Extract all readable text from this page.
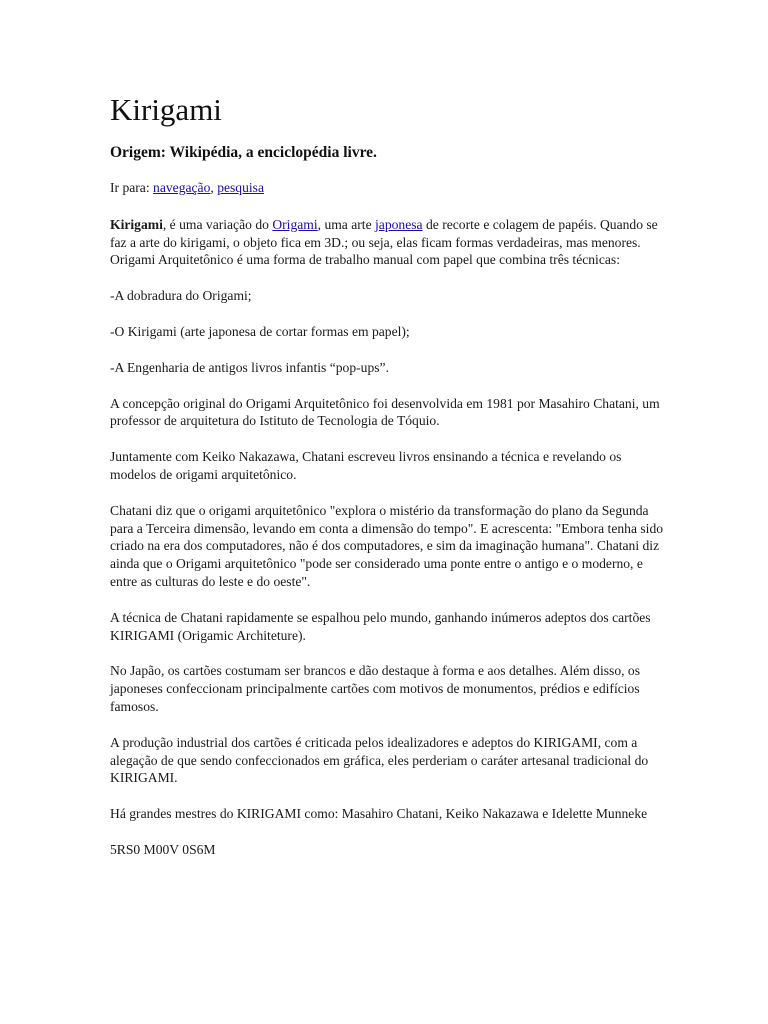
Kirigami
Origem: Wikipédia, a enciclopédia livre.

Ir para: navegação, pesquisa

Kirigami, é uma variação do Origami, uma arte japonesa de recorte e colagem de papéis. Quando se faz a arte do kirigami, o objeto fica em 3D.; ou seja, elas ficam formas verdadeiras, mas menores. Origami Arquitetônico é uma forma de trabalho manual com papel que combina três técnicas:

-A dobradura do Origami;

-O Kirigami (arte japonesa de cortar formas em papel);

-A Engenharia de antigos livros infantis “pop-ups”.

A concepção original do Origami Arquitetônico foi desenvolvida em 1981 por Masahiro Chatani, um professor de arquitetura do Istituto de Tecnologia de Tóquio.

Juntamente com Keiko Nakazawa, Chatani escreveu livros ensinando a técnica e revelando os modelos de origami arquitetônico.

Chatani diz que o origami arquitetônico "explora o mistério da transformação do plano da Segunda para a Terceira dimensão, levando em conta a dimensão do tempo". E acrescenta: "Embora tenha sido criado na era dos computadores, não é dos computadores, e sim da imaginação humana". Chatani diz ainda que o Origami arquitetônico "pode ser considerado uma ponte entre o antigo e o moderno, e entre as culturas do leste e do oeste".

A técnica de Chatani rapidamente se espalhou pelo mundo, ganhando inúmeros adeptos dos cartões KIRIGAMI (Origamic Architeture).

No Japão, os cartões costumam ser brancos e dão destaque à forma e aos detalhes. Além disso, os japoneses confeccionam principalmente cartões com motivos de monumentos, prédios e edifícios famosos.

A produção industrial dos cartões é criticada pelos idealizadores e adeptos do KIRIGAMI, com a alegação de que sendo confeccionados em gráfica, eles perderiam o caráter artesanal tradicional do KIRIGAMI.

Há grandes mestres do KIRIGAMI como: Masahiro Chatani, Keiko Nakazawa e Idelette Munneke

5RS0 M00V 0S6M
